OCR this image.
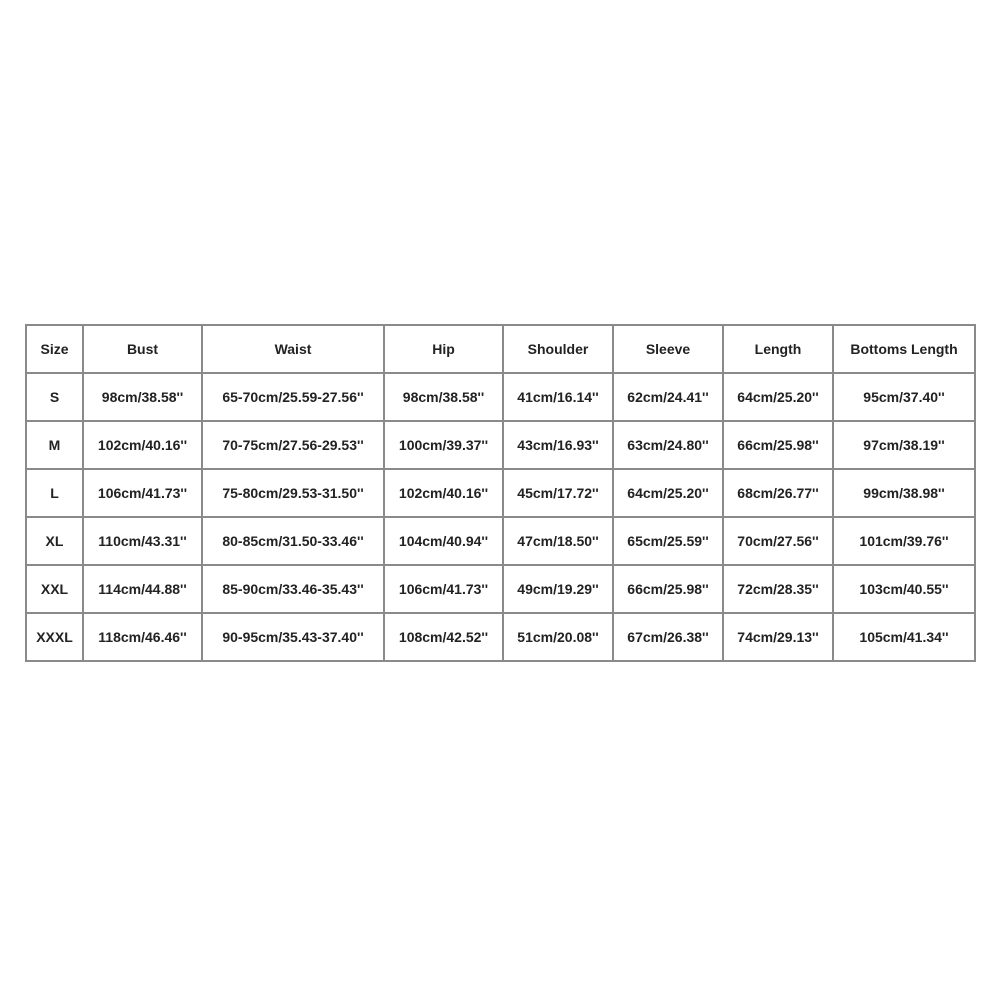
Size	Bust	Waist	Hip	Shoulder	Sleeve	Length	Bottoms Length
S	98cm/38.58''	65-70cm/25.59-27.56''	98cm/38.58''	41cm/16.14''	62cm/24.41''	64cm/25.20''	95cm/37.40''
M	102cm/40.16''	70-75cm/27.56-29.53''	100cm/39.37''	43cm/16.93''	63cm/24.80''	66cm/25.98''	97cm/38.19''
L	106cm/41.73''	75-80cm/29.53-31.50''	102cm/40.16''	45cm/17.72''	64cm/25.20''	68cm/26.77''	99cm/38.98''
XL	110cm/43.31''	80-85cm/31.50-33.46''	104cm/40.94''	47cm/18.50''	65cm/25.59''	70cm/27.56''	101cm/39.76''
XXL	114cm/44.88''	85-90cm/33.46-35.43''	106cm/41.73''	49cm/19.29''	66cm/25.98''	72cm/28.35''	103cm/40.55''
XXXL	118cm/46.46''	90-95cm/35.43-37.40''	108cm/42.52''	51cm/20.08''	67cm/26.38''	74cm/29.13''	105cm/41.34''
